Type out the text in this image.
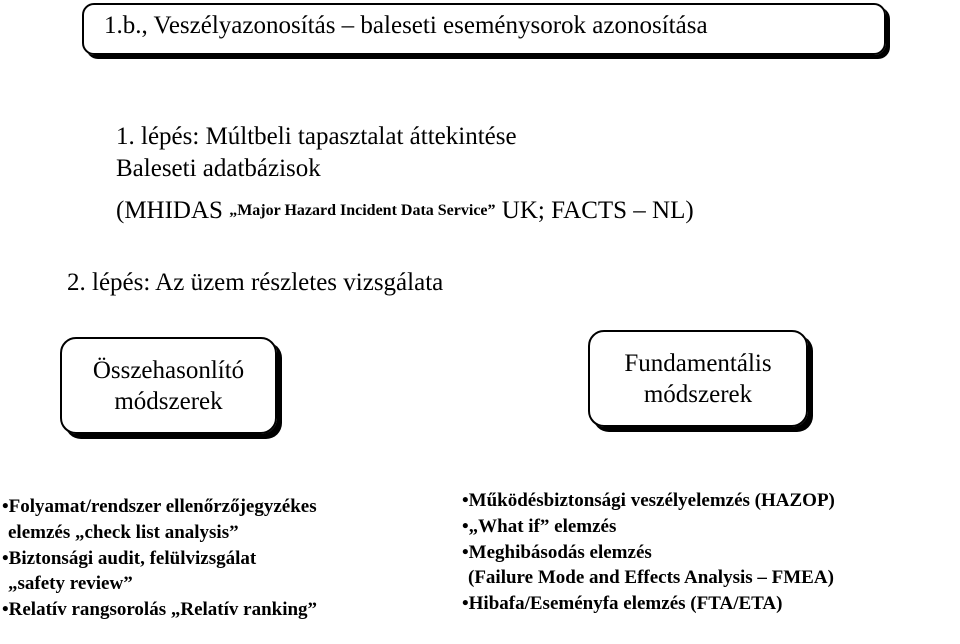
1.b., Veszélyazonosítás – baleseti eseménysorok azonosítása
1. lépés: Múltbeli tapasztalat áttekintése
Baleseti adatbázisok
(MHIDAS „Major Hazard Incident Data Service” UK; FACTS – NL)
2. lépés: Az üzem részletes vizsgálata
Összehasonlító
módszerek
Fundamentális
módszerek
• Folyamat/rendszer ellenőrzőjegyzékes
elemzés „check list analysis”
• Biztonsági audit, felülvizsgálat
„safety review”
• Relatív rangsorolás „Relatív ranking”
• Működésbiztonsági veszélyelemzés (HAZOP)
• „What if” elemzés
• Meghibásodás elemzés
(Failure Mode and Effects Analysis – FMEA)
• Hibafa/Eseményfa elemzés (FTA/ETA)
